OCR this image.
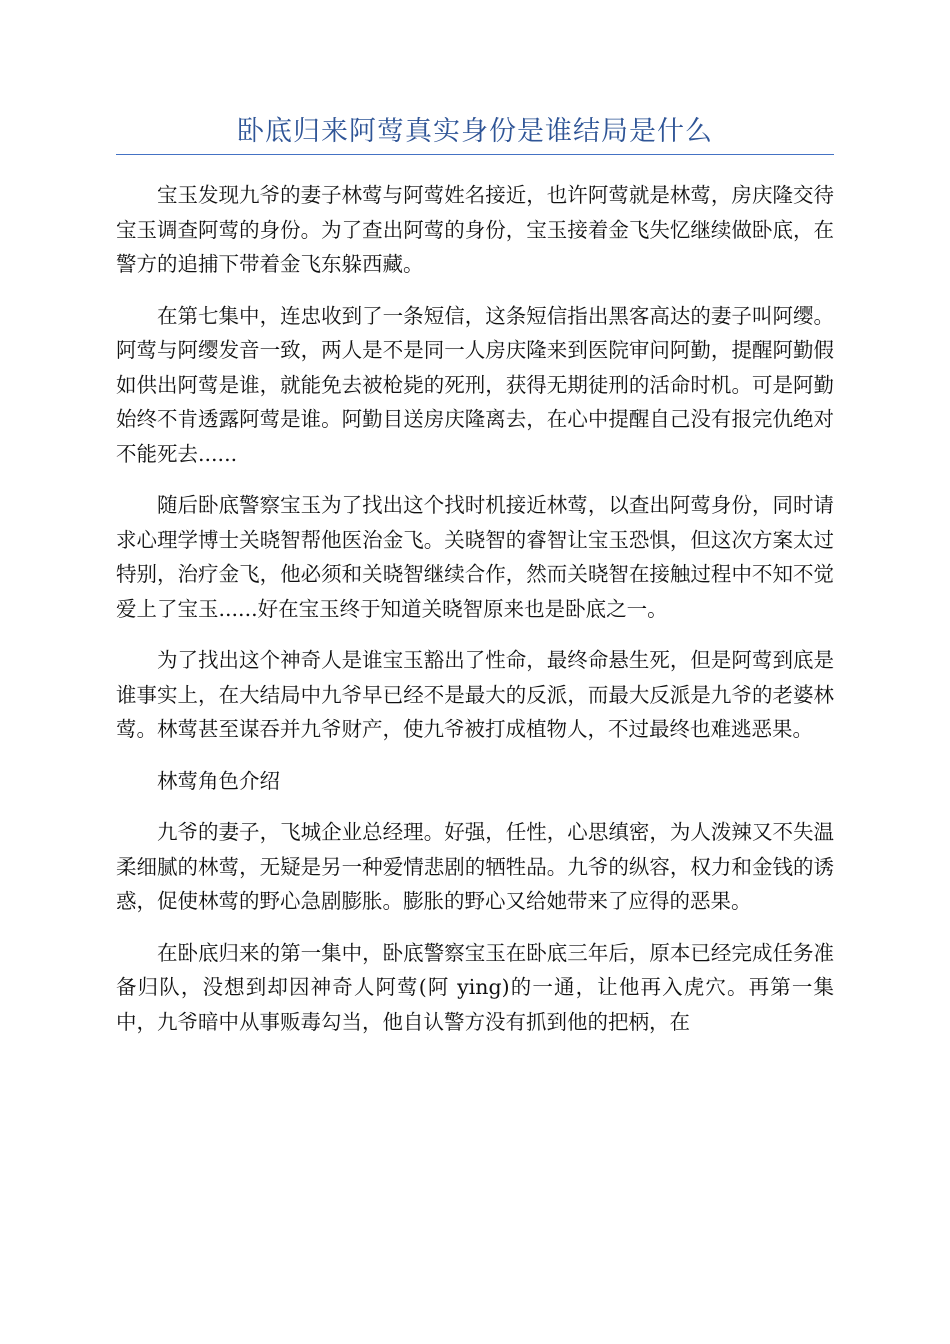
卧底归来阿莺真实身份是谁结局是什么

宝玉发现九爷的妻子林莺与阿莺姓名接近，也许阿莺就是林莺，房庆隆交待宝玉调查阿莺的身份。为了查出阿莺的身份，宝玉接着金飞失忆继续做卧底，在警方的追捕下带着金飞东躲西藏。

在第七集中，连忠收到了一条短信，这条短信指出黑客高达的妻子叫阿缨。阿莺与阿缨发音一致，两人是不是同一人房庆隆来到医院审问阿勤，提醒阿勤假如供出阿莺是谁，就能免去被枪毙的死刑，获得无期徒刑的活命时机。可是阿勤始终不肯透露阿莺是谁。阿勤目送房庆隆离去，在心中提醒自己没有报完仇绝对不能死去......

随后卧底警察宝玉为了找出这个找时机接近林莺，以查出阿莺身份，同时请求心理学博士关晓智帮他医治金飞。关晓智的睿智让宝玉恐惧，但这次方案太过特别，治疗金飞，他必须和关晓智继续合作，然而关晓智在接触过程中不知不觉爱上了宝玉......好在宝玉终于知道关晓智原来也是卧底之一。

为了找出这个神奇人是谁宝玉豁出了性命，最终命悬生死，但是阿莺到底是谁事实上，在大结局中九爷早已经不是最大的反派，而最大反派是九爷的老婆林莺。林莺甚至谋吞并九爷财产，使九爷被打成植物人，不过最终也难逃恶果。

林莺角色介绍

九爷的妻子，飞城企业总经理。好强，任性，心思缜密，为人泼辣又不失温柔细腻的林莺，无疑是另一种爱情悲剧的牺牲品。九爷的纵容，权力和金钱的诱惑，促使林莺的野心急剧膨胀。膨胀的野心又给她带来了应得的恶果。

在卧底归来的第一集中，卧底警察宝玉在卧底三年后，原本已经完成任务准备归队，没想到却因神奇人阿莺(阿 ying)的一通，让他再入虎穴。再第一集中，九爷暗中从事贩毒勾当，他自认警方没有抓到他的把柄，在
